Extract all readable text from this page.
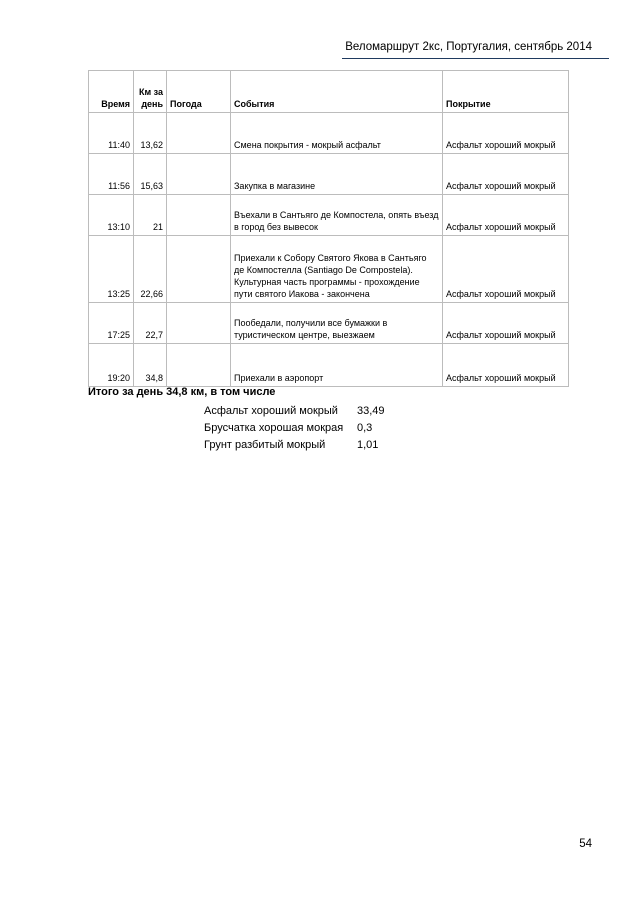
Веломаршрут 2кс, Португалия, сентябрь 2014
Время	Км за день	Погода	События	Покрытие
11:40	13,62		Смена покрытия - мокрый асфальт	Асфальт хороший мокрый
11:56	15,63		Закупка в магазине	Асфальт хороший мокрый
13:10	21		Въехали в Сантьяго де Компостела, опять въезд в город без вывесок	Асфальт хороший мокрый
13:25	22,66		Приехали к Собору Святого Якова в Сантьяго де Компостелла (Santiago De Compostela). Культурная часть программы - прохождение пути святого Иакова - закончена	Асфальт хороший мокрый
17:25	22,7		Пообедали, получили все бумажки в туристическом центре, выезжаем	Асфальт хороший мокрый
19:20	34,8		Приехали в аэропорт	Асфальт хороший мокрый
Итого за день 34,8 км, в том числе
Асфальт хороший мокрый 33,49
Брусчатка хорошая мокрая 0,3
Грунт разбитый мокрый	1,01
54
